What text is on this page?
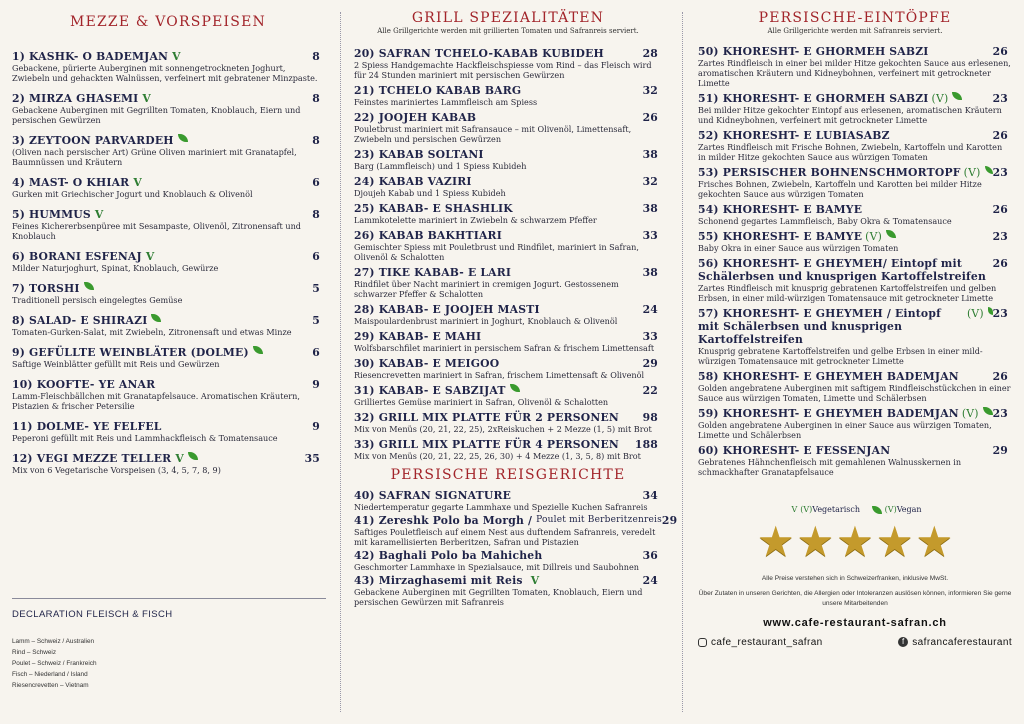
MEZZE & VORSPEISEN
1) KASHK- O BADEMJAN V	8
Gebackene, pürierte Auberginen mit sonnengetrockneten Joghurt, Zwiebeln und gehackten Walnüssen, verfeinert mit gebratener Minzpaste.
2) MIRZA GHASEMI V	8
Gebackene Auberginen mit Gegrillten Tomaten, Knoblauch, Eiern und persischen Gewürzen
3) ZEYTOON PARVARDEH	8
(Oliven nach persischer Art) Grüne Oliven mariniert mit Granatapfel, Baumnüssen und Kräutern
4) MAST- O KHIAR V	6
Gurken mit Griechischer Jogurt und Knoblauch & Olivenöl
5) HUMMUS V	8
Feines Kichererbsenpüree mit Sesampaste, Olivenöl, Zitronensaft und Knoblauch
6) BORANI ESFENAJ V	6
Milder Naturjoghurt, Spinat, Knoblauch, Gewürze
7) TORSHI	5
Traditionell persisch eingelegtes Gemüse
8) SALAD- E SHIRAZI	5
Tomaten-Gurken-Salat, mit Zwiebeln, Zitronensaft und etwas Minze
9) GEFÜLLTE WEINBLÄTER (DOLME)	6
Saftige Weinblätter gefüllt mit Reis und Gewürzen
10) KOOFTE- YE ANAR	9
Lamm-Fleischbällchen mit Granatapfelsauce. Aromatischen Kräutern, Pistazien & frischer Petersilie
11) DOLME- YE FELFEL	9
Peperoni gefüllt mit Reis und Lammhackfleisch & Tomatensauce
12) VEGI MEZZE TELLER V	35
Mix von 6 Vegetarische Vorspeisen (3, 4, 5, 7, 8, 9)
DECLARATION FLEISCH & FISCH
Lamm – Schweiz / Australien
Rind – Schweiz
Poulet – Schweiz / Frankreich
Fisch – Niederland / Island
Riesencrevetten – Vietnam
GRILL SPEZIALITÄTEN
Alle Grillgerichte werden mit grillierten Tomaten und Safranreis serviert.
20) SAFRAN TCHELO-KABAB KUBIDEH	28
2 Spiess Handgemachte Hackfleischspiesse vom Rind – das Fleisch wird für 24 Stunden mariniert mit persischen Gewürzen
21) TCHELO KABAB BARG	32
Feinstes mariniertes Lammfleisch am Spiess
22) JOOJEH KABAB	26
Pouletbrust mariniert mit Safransauce – mit Olivenöl, Limettensaft, Zwiebeln und persischen Gewürzen
23) KABAB SOLTANI	38
Barg (Lammfleisch) und 1 Spiess Kubideh
24) KABAB VAZIRI	32
Djoujeh Kabab und 1 Spiess Kubideh
25) KABAB- E SHASHLIK	38
Lammkotelette mariniert in Zwiebeln & schwarzem Pfeffer
26) KABAB BAKHTIARI	33
Gemischter Spiess mit Pouletbrust und Rindfilet, mariniert in Safran, Olivenöl & Schalotten
27) TIKE KABAB- E LARI	38
Rindfilet über Nacht mariniert in cremigen Jogurt. Gestossenem schwarzer Pfeffer & Schalotten
28) KABAB- E JOOJEH MASTI	24
Maispoulardenbrust mariniert in Joghurt, Knoblauch & Olivenöl
29) KABAB- E MAHI	33
Wolfsbarschfilet mariniert in persischem Safran & frischem Limettensaft
30) KABAB- E MEIGOO	29
Riesencrevetten mariniert in Safran, frischem Limettensaft & Olivenöl
31) KABAB- E SABZIJAT	22
Grilliertes Gemüse mariniert in Safran, Olivenöl & Schalotten
32) GRILL MIX PLATTE FÜR 2 PERSONEN 98
Mix von Menüs (20, 21, 22, 25), 2xReiskuchen + 2 Mezze (1, 5) mit Brot
33) GRILL MIX PLATTE FÜR 4 PERSONEN 188
Mix von Menüs (20, 21, 22, 25, 26, 30) + 4 Mezze (1, 3, 5, 8) mit Brot
PERSISCHE REISGERICHTE
40) SAFRAN SIGNATURE	34
Niedertemperatur gegarte Lammhaxe und Spezielle Kuchen Safranreis
41) Zereshk Polo ba Morgh / Poulet mit Berberitzenreis 29
Saftiges Pouletfleisch auf einem Nest aus duftendem Safranreis, veredelt mit karamellisierten Berberitzen, Safran und Pistazien
42) Baghali Polo ba Mahicheh	36
Geschmorter Lammhaxe in Spezialsauce, mit Dillreis und Saubohnen
43) Mirzaghasemi mit Reis V	24
Gebackene Auberginen mit Gegrillten Tomaten, Knoblauch, Eiern und persischen Gewürzen mit Safranreis
PERSISCHE-EINTÖPFE
Alle Grillgerichte werden mit Safranreis serviert.
50) KHORESHT- E GHORMEH SABZI	26
Zartes Rindfleisch in einer bei milder Hitze gekochten Sauce aus erlesenen, aromatischen Kräutern und Kidneybohnen, verfeinert mit getrockneter Limette
51) KHORESHT- E GHORMEH SABZI (V)	23
Bei milder Hitze gekochter Eintopf aus erlesenen, aromatischen Kräutern und Kidneybohnen, verfeinert mit getrockneter Limette
52) KHORESHT- E LUBIASABZ	26
Zartes Rindfleisch mit Frische Bohnen, Zwiebeln, Kartoffeln und Karotten in milder Hitze gekochten Sauce aus würzigen Tomaten
53) PERSISCHER BOHNENSCHMORTOPF (V) 23
Frisches Bohnen, Zwiebeln, Kartoffeln und Karotten bei milder Hitze gekochten Sauce aus würzigen Tomaten
54) KHORESHT- E BAMYE	26
Schonend gegartes Lammfleisch, Baby Okra & Tomatensauce
55) KHORESHT- E BAMYE (V)	23
Baby Okra in einer Sauce aus würzigen Tomaten
56) KHORESHT- E GHEYMEH/ Eintopf mit Schälerbsen und knusprigen Kartoffelstreifen
26
Zartes Rindfleisch mit knusprig gebratenen Kartoffelstreifen und gelben Erbsen, in einer mild-würzigen Tomatensauce mit getrockneter Limette
57) KHORESHT- E GHEYMEH / Eintopf mit Schälerbsen und knusprigen Kartoffelstreifen
(V) 23
Knusprig gebratene Kartoffelstreifen und gelbe Erbsen in einer mild-würzigen Tomatensauce mit getrockneter Limette
58) KHORESHT- E GHEYMEH BADEMJAN	26
Golden angebratene Auberginen mit saftigem Rindfleischstückchen in einer Sauce aus würzigen Tomaten, Limette und Schälerbsen
59) KHORESHT- E GHEYMEH BADEMJAN (V) 23
Golden angebratene Auberginen in einer Sauce aus würzigen Tomaten, Limette und Schälerbsen
60) KHORESHT- E FESSENJAN	29
Gebratenes Hähnchenfleisch mit gemahlenen Walnusskernen in schmackhafter Granatapfelsauce
V (V)Vegetarisch	(V)Vegan
★ ★ ★ ★ ★
Alle Preise verstehen sich in Schweizerfranken, inklusive MwSt.
Über Zutaten in unseren Gerichten, die Allergien oder Intoleranzen auslösen können, informieren Sie gerne unsere Mitarbeitenden
www.cafe-restaurant-safran.ch
cafe_restaurant_safran	f safrancaferestaurant
